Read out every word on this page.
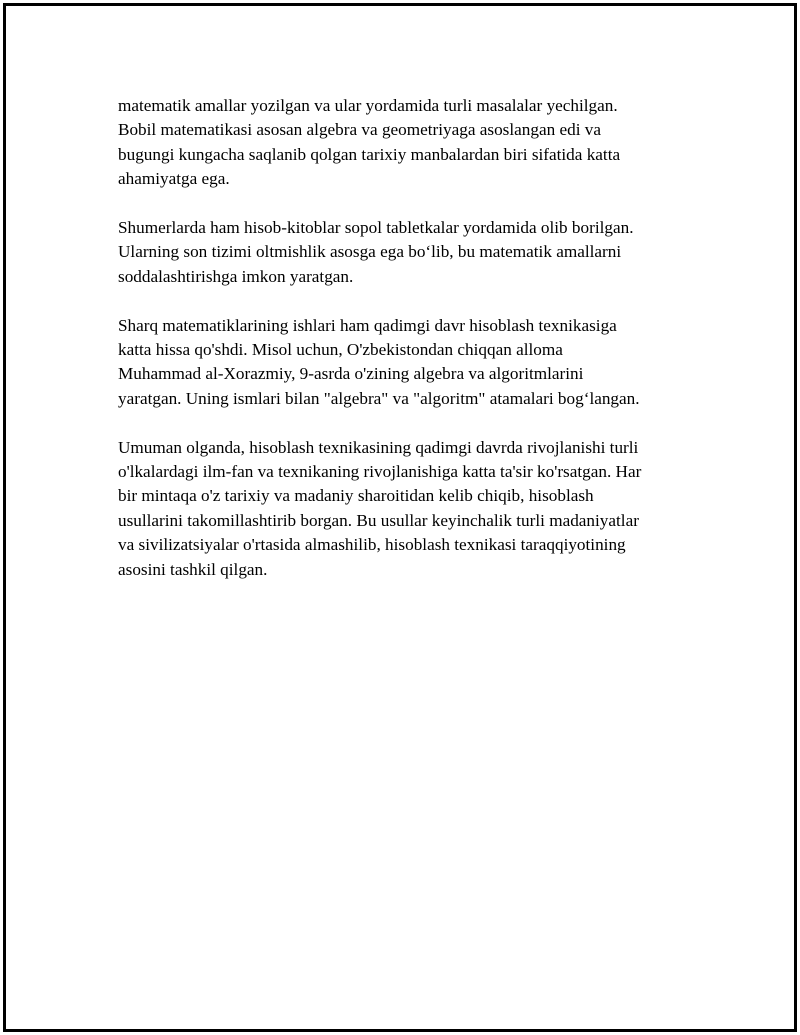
matematik amallar yozilgan va ular yordamida turli masalalar yechilgan.
Bobil matematikasi asosan algebra va geometriyaga asoslangan edi va
bugungi kungacha saqlanib qolgan tarixiy manbalardan biri sifatida katta
ahamiyatga ega.

Shumerlarda ham hisob-kitoblar sopol tabletkalar yordamida olib borilgan.
Ularning son tizimi oltmishlik asosga ega bo‘lib, bu matematik amallarni
soddalashtirishga imkon yaratgan.

Sharq matematiklarining ishlari ham qadimgi davr hisoblash texnikasiga
katta hissa qo'shdi. Misol uchun, O'zbekistondan chiqqan alloma
Muhammad al-Xorazmiy, 9-asrda o'zining algebra va algoritmlarini
yaratgan. Uning ismlari bilan "algebra" va "algoritm" atamalari bog‘langan.

Umuman olganda, hisoblash texnikasining qadimgi davrda rivojlanishi turli
o'lkalardagi ilm-fan va texnikaning rivojlanishiga katta ta'sir ko'rsatgan. Har
bir mintaqa o'z tarixiy va madaniy sharoitidan kelib chiqib, hisoblash
usullarini takomillashtirib borgan. Bu usullar keyinchalik turli madaniyatlar
va sivilizatsiyalar o'rtasida almashilib, hisoblash texnikasi taraqqiyotining
asosini tashkil qilgan.
